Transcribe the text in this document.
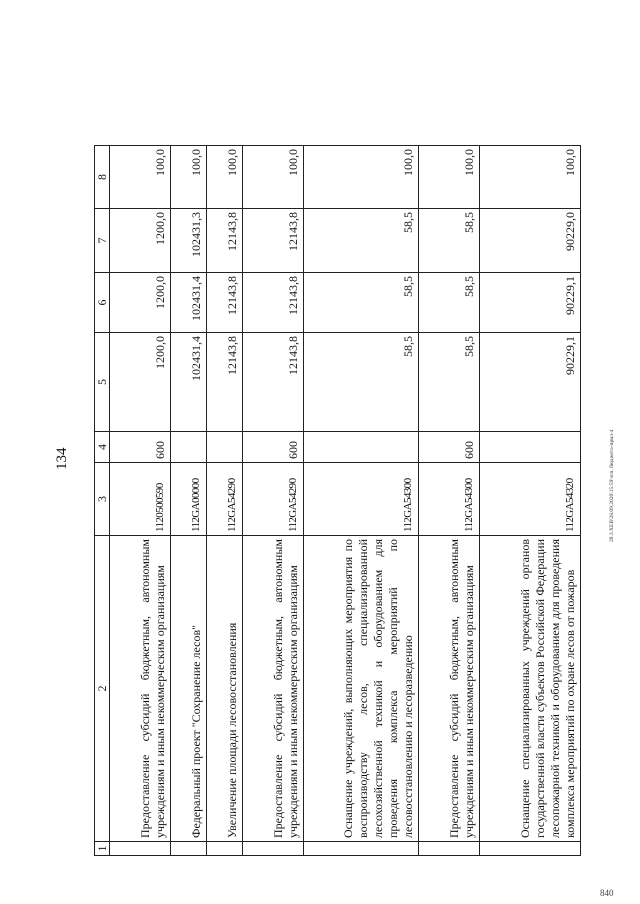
134	20.3.ХЕВ\28.09.2020\15:59\зсп. бюджета-прил-4
840
1	2	3	4	5	6	7	8
	Предоставление субсидий бюджетным, автономным учреждениям и иным некоммерческим организациям	1120500590	600	1200,0	1200,0	1200,0	100,0
	Федеральный проект "Сохранение лесов"	112GA00000		102431,4	102431,4	102431,3	100,0
	Увеличение площади лесовосстановления	112GA54290		12143,8	12143,8	12143,8	100,0
	Предоставление субсидий бюджетным, автономным учреждениям и иным некоммерческим организациям	112GA54290	600	12143,8	12143,8	12143,8	100,0
	Оснащение учреждений, выполняющих мероприятия по воспроизводству лесов, специализированной лесохозяйственной техникой и оборудованием для проведения комплекса мероприятий по лесовосстановлению и лесоразведению	112GA54300		58,5	58,5	58,5	100,0
	Предоставление субсидий бюджетным, автономным учреждениям и иным некоммерческим организациям	112GA54300	600	58,5	58,5	58,5	100,0
	Оснащение специализированных учреждений органов государственной власти субъектов Российской Федерации лесопожарной техникой и оборудованием для проведения комплекса мероприятий по охране лесов от пожаров	112GA54320		90229,1	90229,1	90229,0	100,0
